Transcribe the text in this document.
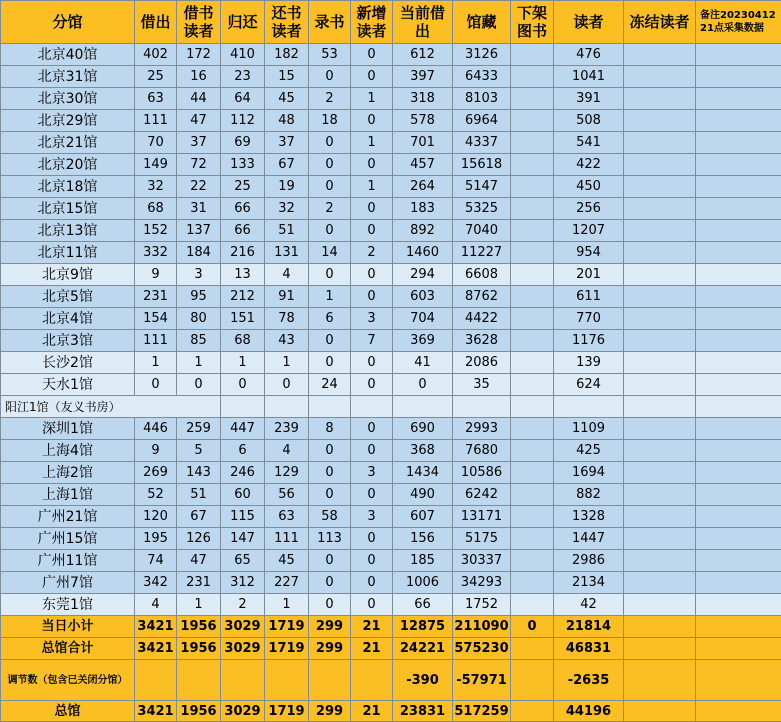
分馆	借出	借书读者	归还	还书读者	录书	新增读者	当前借出	馆藏	下架图书	读者	冻结读者	备注20230412 21点采集数据
北京40馆	402	172	410	182	53	0	612	3126		476		
北京31馆	25	16	23	15	0	0	397	6433		1041		
北京30馆	63	44	64	45	2	1	318	8103		391		
北京29馆	111	47	112	48	18	0	578	6964		508		
北京21馆	70	37	69	37	0	1	701	4337		541		
北京20馆	149	72	133	67	0	0	457	15618		422		
北京18馆	32	22	25	19	0	1	264	5147		450		
北京15馆	68	31	66	32	2	0	183	5325		256		
北京13馆	152	137	66	51	0	0	892	7040		1207		
北京11馆	332	184	216	131	14	2	1460	11227		954		
北京9馆	9	3	13	4	0	0	294	6608		201		
北京5馆	231	95	212	91	1	0	603	8762		611		
北京4馆	154	80	151	78	6	3	704	4422		770		
北京3馆	111	85	68	43	0	7	369	3628		1176		
长沙2馆	1	1	1	1	0	0	41	2086		139		
天水1馆	0	0	0	0	24	0	0	35		624		
阳江1馆（友义书房）												
深圳1馆	446	259	447	239	8	0	690	2993		1109		
上海4馆	9	5	6	4	0	0	368	7680		425		
上海2馆	269	143	246	129	0	3	1434	10586		1694		
上海1馆	52	51	60	56	0	0	490	6242		882		
广州21馆	120	67	115	63	58	3	607	13171		1328		
广州15馆	195	126	147	111	113	0	156	5175		1447		
广州11馆	74	47	65	45	0	0	185	30337		2986		
广州7馆	342	231	312	227	0	0	1006	34293		2134		
东莞1馆	4	1	2	1	0	0	66	1752		42		
当日小计	3421	1956	3029	1719	299	21	12875	211090	0	21814		
总馆合计	3421	1956	3029	1719	299	21	24221	575230		46831		
调节数（包含已关闭分馆）							-390	-57971		-2635		
总馆	3421	1956	3029	1719	299	21	23831	517259		44196		
